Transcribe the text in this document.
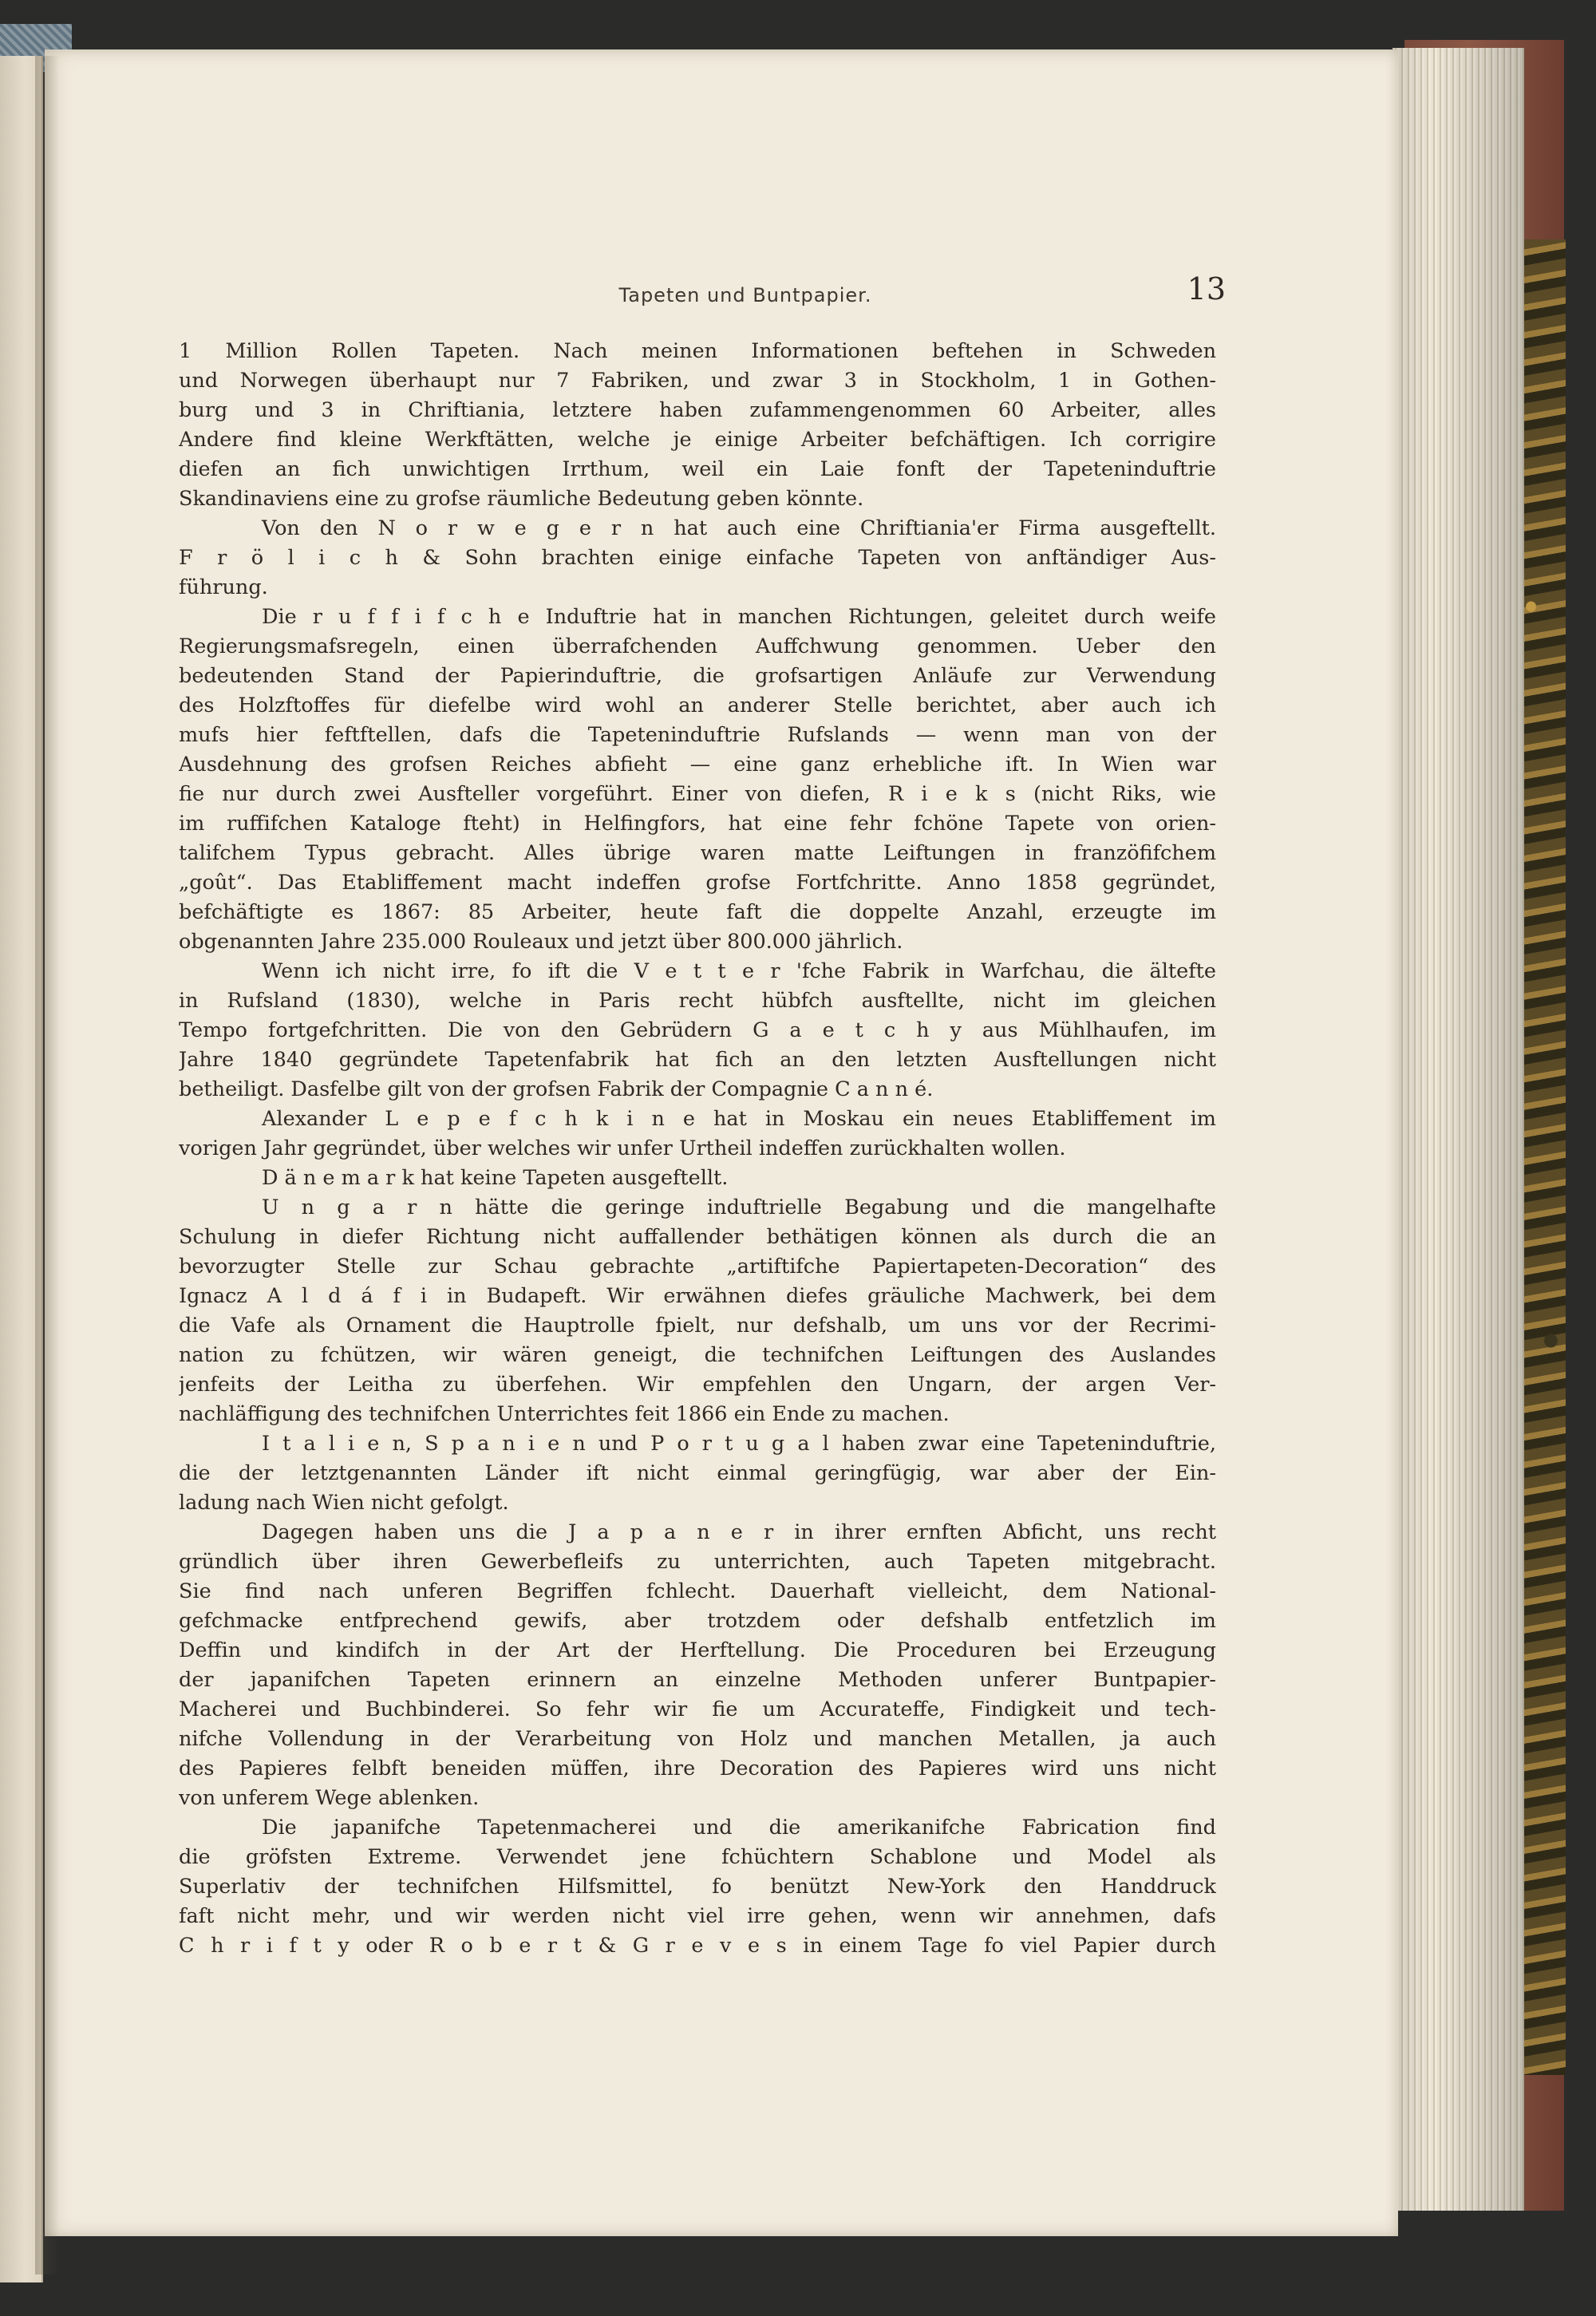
Tapeten und Buntpapier.	13
1 Million Rollen Tapeten. Nach meinen Informationen beftehen in Schweden
und Norwegen überhaupt nur 7 Fabriken, und zwar 3 in Stockholm, 1 in Gothen-
burg und 3 in Chriftiania, letztere haben zufammengenommen 60 Arbeiter, alles
Andere find kleine Werkftätten, welche je einige Arbeiter befchäftigen. Ich corrigire
diefen an fich unwichtigen Irrthum, weil ein Laie fonft der Tapeteninduftrie
Skandinaviens eine zu grofse räumliche Bedeutung geben könnte.
Von den N o r w e g e r n hat auch eine Chriftiania'er Firma ausgeftellt.
F r ö l i c h & Sohn brachten einige einfache Tapeten von anftändiger Aus-
führung.
Die r u f f i f c h e Induftrie hat in manchen Richtungen, geleitet durch weife
Regierungsmafsregeln, einen überrafchenden Auffchwung genommen. Ueber den
bedeutenden Stand der Papierinduftrie, die grofsartigen Anläufe zur Verwendung
des Holzftoffes für diefelbe wird wohl an anderer Stelle berichtet, aber auch ich
mufs hier feftftellen, dafs die Tapeteninduftrie Rufslands — wenn man von der
Ausdehnung des grofsen Reiches abfieht — eine ganz erhebliche ift. In Wien war
fie nur durch zwei Ausfteller vorgeführt. Einer von diefen, R i e k s (nicht Riks, wie
im ruffifchen Kataloge fteht) in Helfingfors, hat eine fehr fchöne Tapete von orien-
talifchem Typus gebracht. Alles übrige waren matte Leiftungen in franzöfifchem
„goût“. Das Etabliffement macht indeffen grofse Fortfchritte. Anno 1858 gegründet,
befchäftigte es 1867: 85 Arbeiter, heute faft die doppelte Anzahl, erzeugte im
obgenannten Jahre 235.000 Rouleaux und jetzt über 800.000 jährlich.
Wenn ich nicht irre, fo ift die V e t t e r 'fche Fabrik in Warfchau, die ältefte
in Rufsland (1830), welche in Paris recht hübfch ausftellte, nicht im gleichen
Tempo fortgefchritten. Die von den Gebrüdern G a e t c h y aus Mühlhaufen, im
Jahre 1840 gegründete Tapetenfabrik hat fich an den letzten Ausftellungen nicht
betheiligt. Dasfelbe gilt von der grofsen Fabrik der Compagnie C a n n é.
Alexander L e p e f c h k i n e hat in Moskau ein neues Etabliffement im
vorigen Jahr gegründet, über welches wir unfer Urtheil indeffen zurückhalten wollen.
D ä n e m a r k hat keine Tapeten ausgeftellt.
U n g a r n hätte die geringe induftrielle Begabung und die mangelhafte
Schulung in diefer Richtung nicht auffallender bethätigen können als durch die an
bevorzugter Stelle zur Schau gebrachte „artiftifche Papiertapeten-Decoration“ des
Ignacz A l d á f i in Budapeft. Wir erwähnen diefes gräuliche Machwerk, bei dem
die Vafe als Ornament die Hauptrolle fpielt, nur defshalb, um uns vor der Recrimi-
nation zu fchützen, wir wären geneigt, die technifchen Leiftungen des Auslandes
jenfeits der Leitha zu überfehen. Wir empfehlen den Ungarn, der argen Ver-
nachläffigung des technifchen Unterrichtes feit 1866 ein Ende zu machen.
I t a l i e n, S p a n i e n und P o r t u g a l haben zwar eine Tapeteninduftrie,
die der letztgenannten Länder ift nicht einmal geringfügig, war aber der Ein-
ladung nach Wien nicht gefolgt.
Dagegen haben uns die J a p a n e r in ihrer ernften Abficht, uns recht
gründlich über ihren Gewerbefleifs zu unterrichten, auch Tapeten mitgebracht.
Sie find nach unferen Begriffen fchlecht. Dauerhaft vielleicht, dem National-
gefchmacke entfprechend gewifs, aber trotzdem oder defshalb entfetzlich im
Deffin und kindifch in der Art der Herftellung. Die Proceduren bei Erzeugung
der japanifchen Tapeten erinnern an einzelne Methoden unferer Buntpapier-
Macherei und Buchbinderei. So fehr wir fie um Accurateffe, Findigkeit und tech-
nifche Vollendung in der Verarbeitung von Holz und manchen Metallen, ja auch
des Papieres felbft beneiden müffen, ihre Decoration des Papieres wird uns nicht
von unferem Wege ablenken.
Die japanifche Tapetenmacherei und die amerikanifche Fabrication find
die gröfsten Extreme. Verwendet jene fchüchtern Schablone und Model als
Superlativ der technifchen Hilfsmittel, fo benützt New-York den Handdruck
faft nicht mehr, und wir werden nicht viel irre gehen, wenn wir annehmen, dafs
C h r i f t y oder R o b e r t & G r e v e s in einem Tage fo viel Papier durch
